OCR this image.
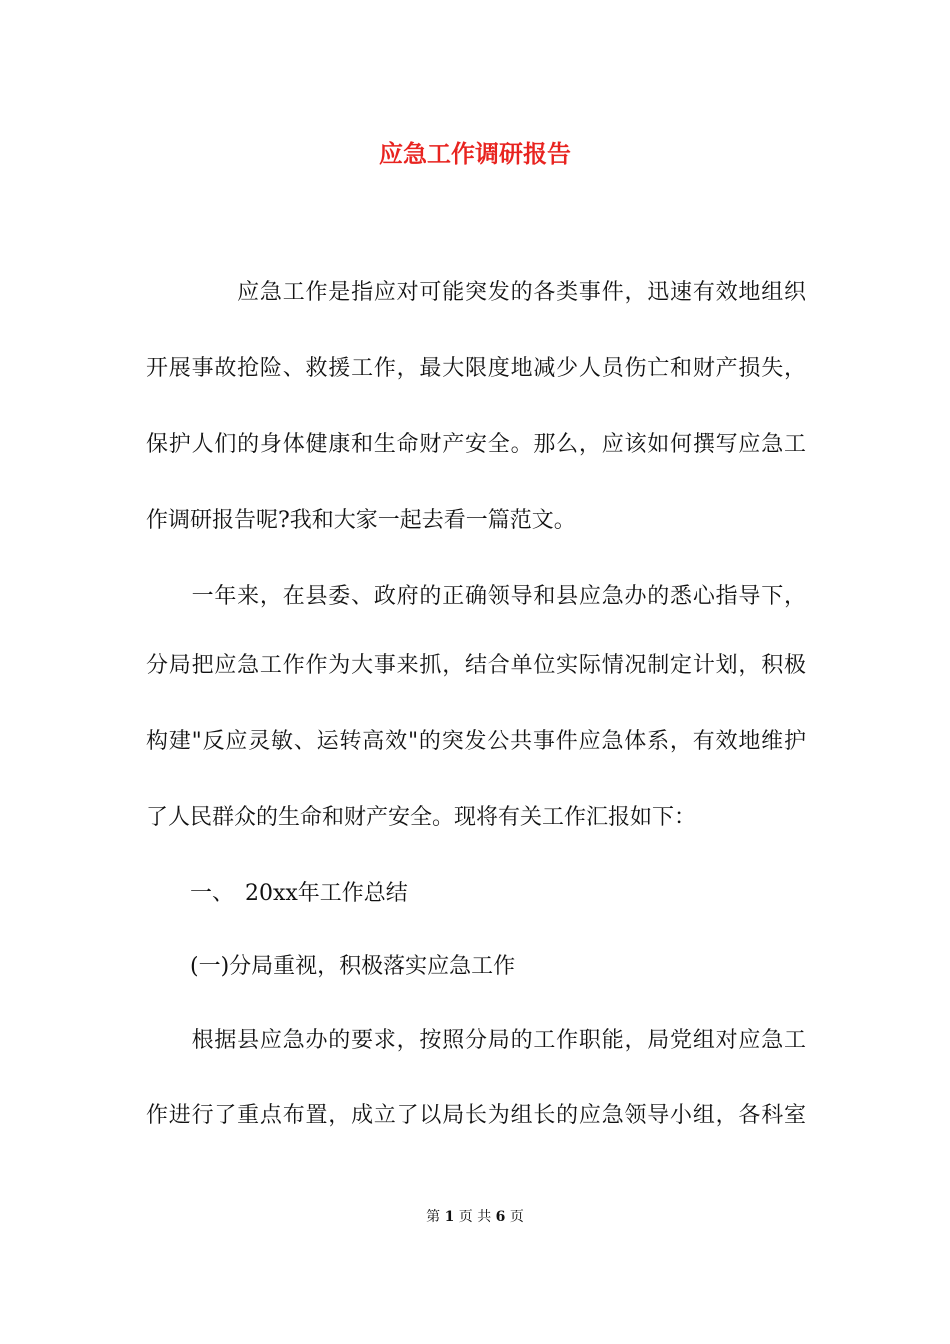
应急工作调研报告
　　　　应急工作是指应对可能突发的各类事件，迅速有效地组织
开展事故抢险、救援工作，最大限度地减少人员伤亡和财产损失，
保护人们的身体健康和生命财产安全。那么，应该如何撰写应急工
作调研报告呢?我和大家一起去看一篇范文。
　　一年来，在县委、政府的正确领导和县应急办的悉心指导下，
分局把应急工作作为大事来抓，结合单位实际情况制定计划，积极
构建"反应灵敏、运转高效"的突发公共事件应急体系，有效地维护
了人民群众的生命和财产安全。现将有关工作汇报如下：
　　一、　20xx年工作总结
　　(一)分局重视，积极落实应急工作
　　根据县应急办的要求，按照分局的工作职能，局党组对应急工
作进行了重点布置，成立了以局长为组长的应急领导小组，各科室
第 1 页 共 6 页
